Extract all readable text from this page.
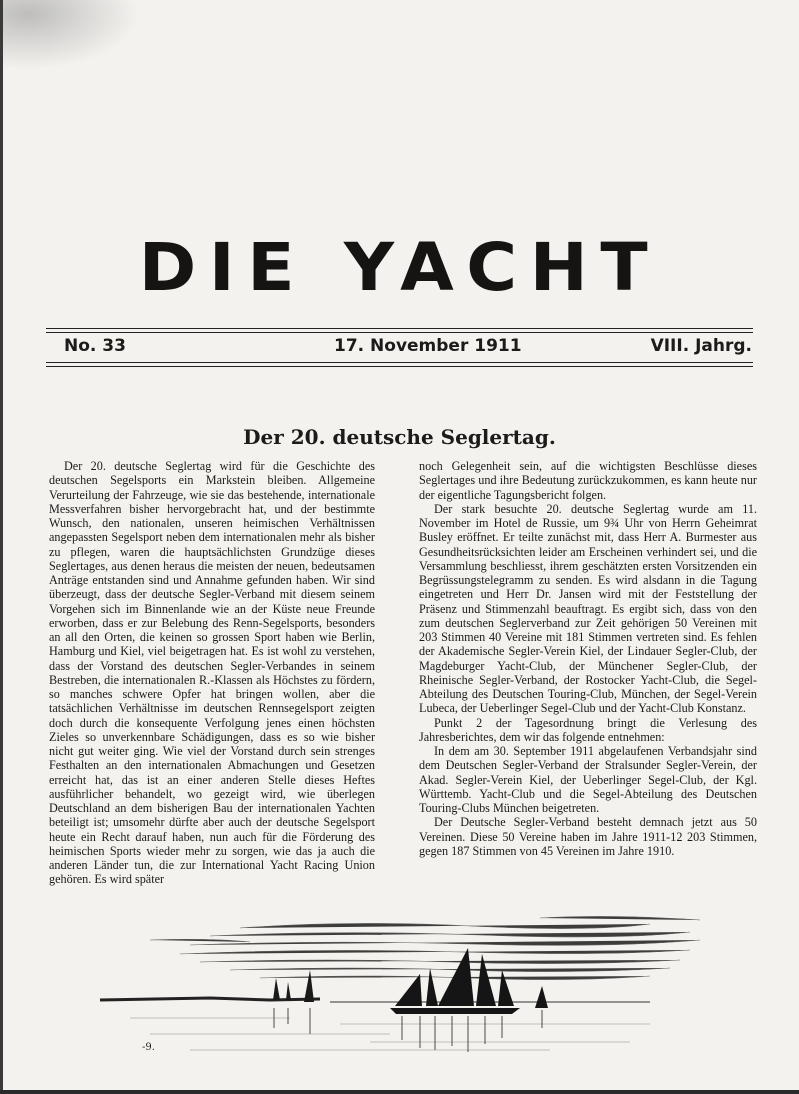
DIE YACHT
No. 33	17. November 1911	VIII. Jahrg.
Der 20. deutsche Seglertag.

Der 20. deutsche Seglertag wird für die Geschichte des deutschen Segelsports ein Markstein bleiben. Allgemeine Verurteilung der Fahrzeuge, wie sie das bestehende, internationale Messverfahren bisher hervorgebracht hat, und der bestimmte Wunsch, den nationalen, unseren heimischen Verhältnissen angepassten Segelsport neben dem internationalen mehr als bisher zu pflegen, waren die hauptsächlichsten Grundzüge dieses Seglertages, aus denen heraus die meisten der neuen, bedeutsamen Anträge entstanden sind und Annahme gefunden haben. Wir sind überzeugt, dass der deutsche Segler-Verband mit diesem seinem Vorgehen sich im Binnenlande wie an der Küste neue Freunde erworben, dass er zur Belebung des Renn-Segelsports, besonders an all den Orten, die keinen so grossen Sport haben wie Berlin, Hamburg und Kiel, viel beigetragen hat. Es ist wohl zu verstehen, dass der Vorstand des deutschen Segler-Verbandes in seinem Bestreben, die internationalen R.-Klassen als Höchstes zu fördern, so manches schwere Opfer hat bringen wollen, aber die tatsächlichen Verhältnisse im deutschen Rennsegelsport zeigten doch durch die konsequente Verfolgung jenes einen höchsten Zieles so unverkennbare Schädigungen, dass es so wie bisher nicht gut weiter ging. Wie viel der Vorstand durch sein strenges Festhalten an den internationalen Abmachungen und Gesetzen erreicht hat, das ist an einer anderen Stelle dieses Heftes ausführlicher behandelt, wo gezeigt wird, wie überlegen Deutschland an dem bisherigen Bau der internationalen Yachten beteiligt ist; umsomehr dürfte aber auch der deutsche Segelsport heute ein Recht darauf haben, nun auch für die Förderung des heimischen Sports wieder mehr zu sorgen, wie das ja auch die anderen Länder tun, die zur International Yacht Racing Union gehören. Es wird später

noch Gelegenheit sein, auf die wichtigsten Beschlüsse dieses Seglertages und ihre Bedeutung zurückzukommen, es kann heute nur der eigentliche Tagungsbericht folgen.

Der stark besuchte 20. deutsche Seglertag wurde am 11. November im Hotel de Russie, um 9¾ Uhr von Herrn Geheimrat Busley eröffnet. Er teilte zunächst mit, dass Herr A. Burmester aus Gesundheitsrücksichten leider am Erscheinen verhindert sei, und die Versammlung beschliesst, ihrem geschätzten ersten Vorsitzenden ein Begrüssungstelegramm zu senden. Es wird alsdann in die Tagung eingetreten und Herr Dr. Jansen wird mit der Feststellung der Präsenz und Stimmenzahl beauftragt. Es ergibt sich, dass von den zum deutschen Seglerverband zur Zeit gehörigen 50 Vereinen mit 203 Stimmen 40 Vereine mit 181 Stimmen vertreten sind. Es fehlen der Akademische Segler-Verein Kiel, der Lindauer Segler-Club, der Magdeburger Yacht-Club, der Münchener Segler-Club, der Rheinische Segler-Verband, der Rostocker Yacht-Club, die Segel-Abteilung des Deutschen Touring-Club, München, der Segel-Verein Lubeca, der Ueberlinger Segel-Club und der Yacht-Club Konstanz.

Punkt 2 der Tagesordnung bringt die Verlesung des Jahresberichtes, dem wir das folgende entnehmen:

In dem am 30. September 1911 abgelaufenen Verbandsjahr sind dem Deutschen Segler-Verband der Stralsunder Segler-Verein, der Akad. Segler-Verein Kiel, der Ueberlinger Segel-Club, der Kgl. Württemb. Yacht-Club und die Segel-Abteilung des Deutschen Touring-Clubs München beigetreten.

Der Deutsche Segler-Verband besteht demnach jetzt aus 50 Vereinen. Diese 50 Vereine haben im Jahre 1911-12 203 Stimmen, gegen 187 Stimmen von 45 Vereinen im Jahre 1910.

-9.
